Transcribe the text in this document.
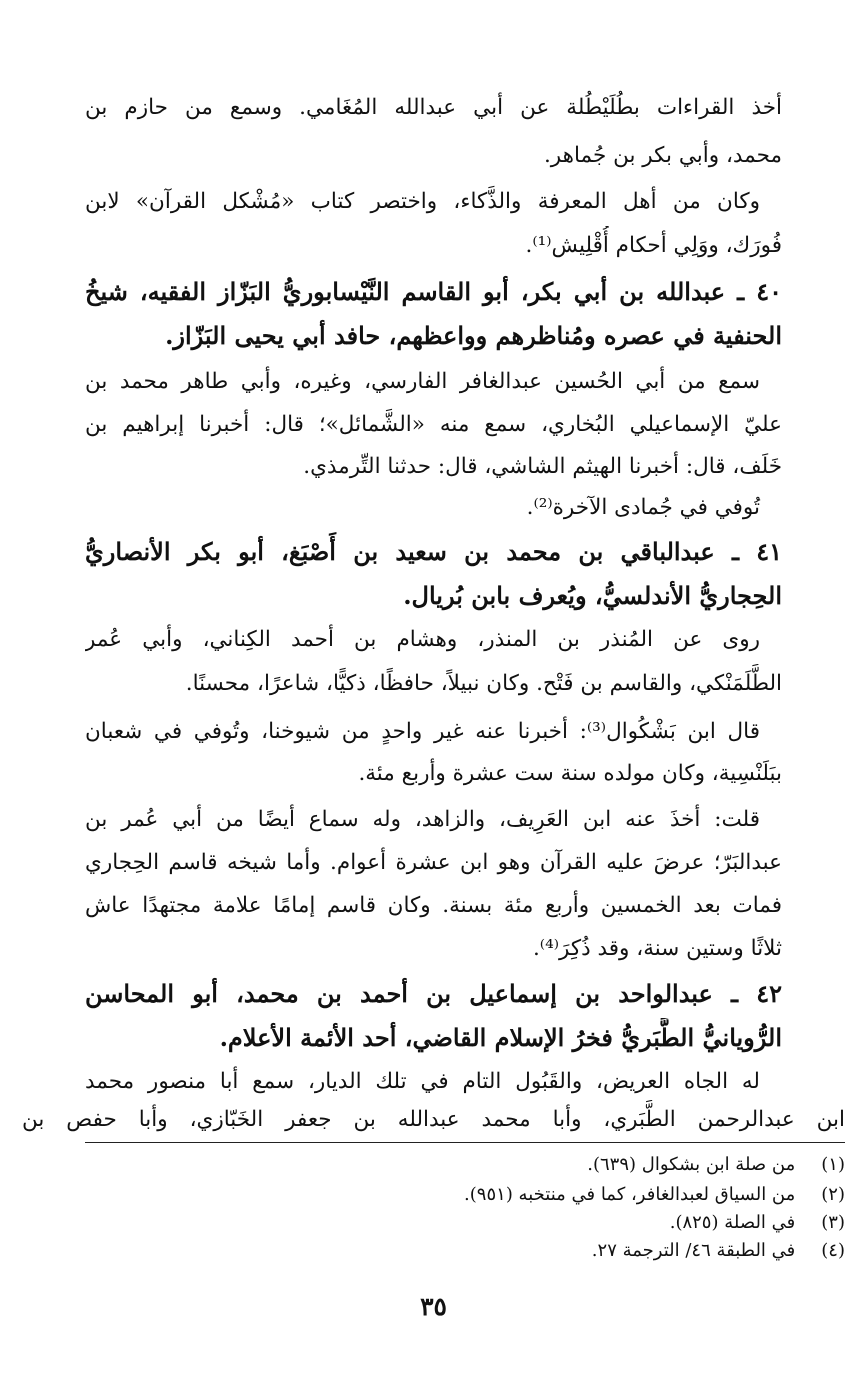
أخذ القراءات بطُلَيْطُلة عن أبي عبدالله المُغَامي. وسمع من حازم بن
محمد، وأبي بكر بن جُماهر.
وكان من أهل المعرفة والذَّكاء، واختصر كتاب «مُشْكل القرآن» لابن
فُورَك، ووَلِي أحكام أُقْلِيش⁽¹⁾.
٤٠ ـ عبدالله بن أبي بكر، أبو القاسم النَّيْسابوريُّ البَزّاز الفقيه، شيخُ
الحنفية في عصره ومُناظرهم وواعظهم، حافد أبي يحيى البَزّاز.
سمع من أبي الحُسين عبدالغافر الفارسي، وغيره، وأبي طاهر محمد بن
عليّ الإسماعيلي البُخاري، سمع منه «الشَّمائل»؛ قال: أخبرنا إبراهيم بن
خَلَف، قال: أخبرنا الهيثم الشاشي، قال: حدثنا التِّرمذي.
تُوفي في جُمادى الآخرة⁽²⁾.
٤١ ـ عبدالباقي بن محمد بن سعيد بن أَصْبَغ، أبو بكر الأنصاريُّ
الحِجاريُّ الأندلسيُّ، ويُعرف بابن بُريال.
روى عن المُنذر بن المنذر، وهشام بن أحمد الكِناني، وأبي عُمر
الطَّلَمَنْكي، والقاسم بن فَتْح. وكان نبيلاً، حافظًا، ذكيًّا، شاعرًا، محسنًا.
قال ابن بَشْكُوال⁽³⁾: أخبرنا عنه غير واحدٍ من شيوخنا، وتُوفي في شعبان
ببَلَنْسِية، وكان مولده سنة ست عشرة وأربع مئة.
قلت: أخذَ عنه ابن العَرِيف، والزاهد، وله سماع أيضًا من أبي عُمر بن
عبدالبَرّ؛ عرضَ عليه القرآن وهو ابن عشرة أعوام. وأما شيخه قاسم الحِجاري
فمات بعد الخمسين وأربع مئة بسنة. وكان قاسم إمامًا علامة مجتهدًا عاش
ثلاثًا وستين سنة، وقد ذُكِرَ⁽⁴⁾.
٤٢ ـ عبدالواحد بن إسماعيل بن أحمد بن محمد، أبو المحاسن
الرُّويانيُّ الطَّبَريُّ فخرُ الإسلام القاضي، أحد الأئمة الأعلام.
له الجاه العريض، والقَبُول التام في تلك الديار، سمع أبا منصور محمد
ابن عبدالرحمن الطَّبَري، وأبا محمد عبدالله بن جعفر الخَبّازي، وأبا حفص بن
(١) من صلة ابن بشكوال (٦٣٩).
(٢) من السياق لعبدالغافر، كما في منتخبه (٩٥١).
(٣) في الصلة (٨٢٥).
(٤) في الطبقة ٤٦/ الترجمة ٢٧.
٣٥
